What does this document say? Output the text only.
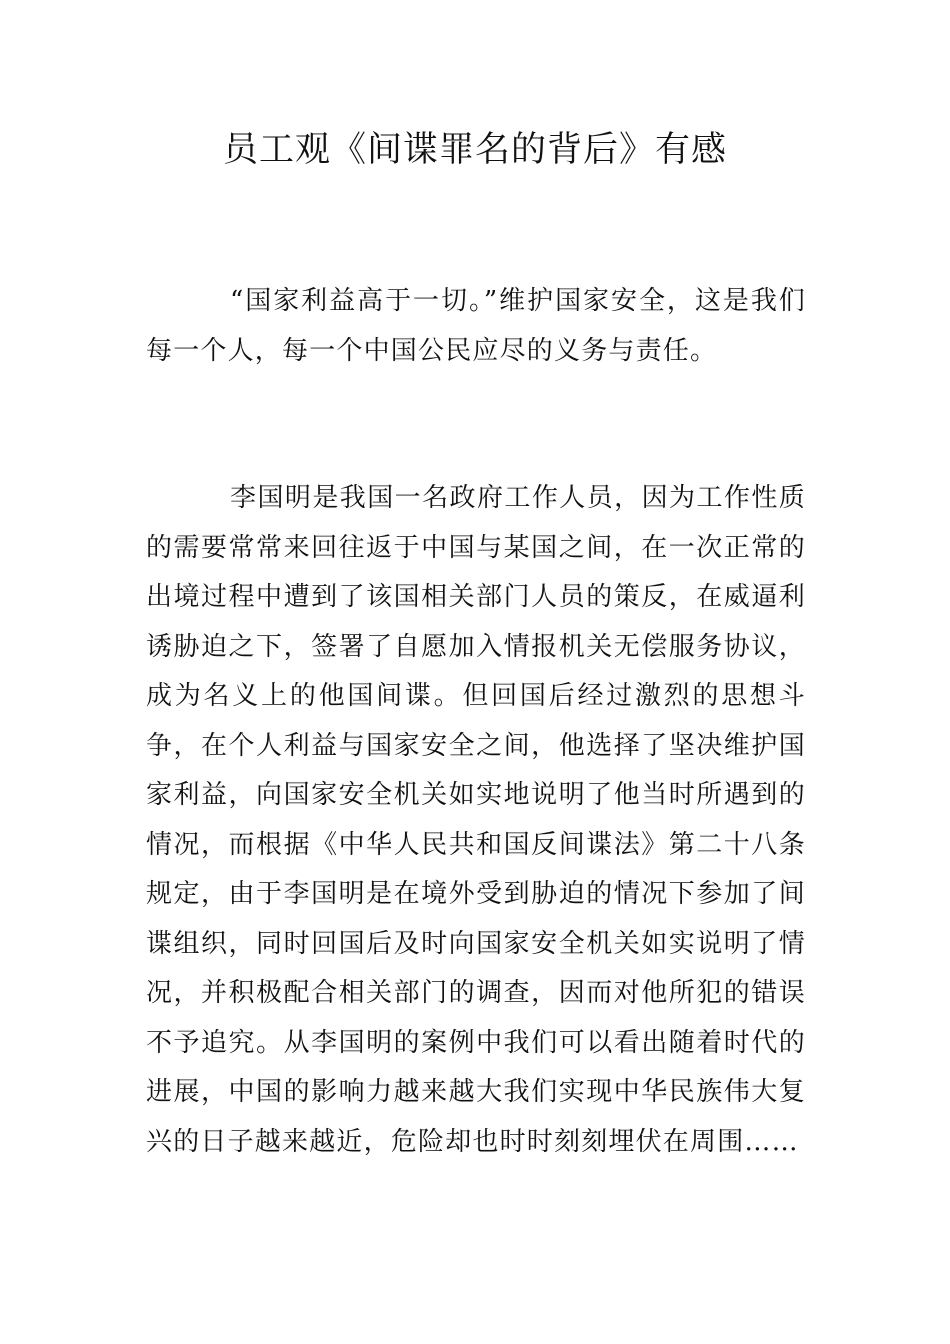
员工观《间谍罪名的背后》有感

“国家利益高于一切。”维护国家安全，这是我们每一个人，每一个中国公民应尽的义务与责任。

李国明是我国一名政府工作人员，因为工作性质的需要常常来回往返于中国与某国之间，在一次正常的出境过程中遭到了该国相关部门人员的策反，在威逼利诱胁迫之下，签署了自愿加入情报机关无偿服务协议，成为名义上的他国间谍。但回国后经过激烈的思想斗争，在个人利益与国家安全之间，他选择了坚决维护国家利益，向国家安全机关如实地说明了他当时所遇到的情况，而根据《中华人民共和国反间谍法》第二十八条规定，由于李国明是在境外受到胁迫的情况下参加了间谍组织，同时回国后及时向国家安全机关如实说明了情况，并积极配合相关部门的调查，因而对他所犯的错误不予追究。从李国明的案例中我们可以看出随着时代的进展，中国的影响力越来越大我们实现中华民族伟大复兴的日子越来越近，危险却也时时刻刻埋伏在周围……
